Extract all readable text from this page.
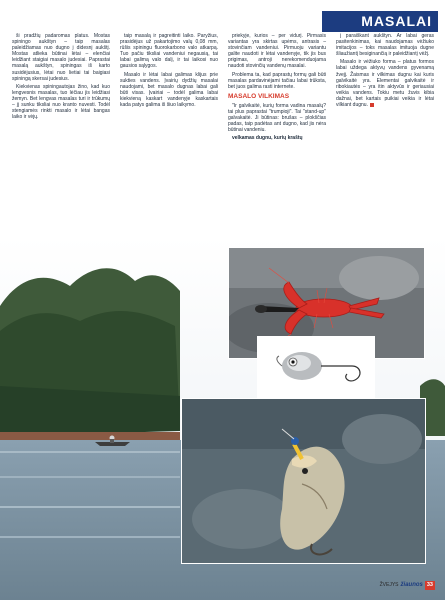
MASALAI

ši pradžių padaromas platus. Mostas spiningo aukštyn – taip masalas paleidžiamas nuo dugno į didesnį aukštį. Mostas atlieka būtinai lėtai – elenčiai leidžiant staigiai masalo judesiai. Paprastai masalą aukštyn, spiningas iš karto susidėjusius, lėtai nuo lietiai tai baigiasi spiningą skersai judesius.

Kiekvienas spiningautojas žino, kad kuo lengvesnis masalas, tuo lėčiau jis leidžiasi žemyn. Bet lengvas masalas turi ir trūkumų – jį sunku tiksliai nuo kranto nuvesti. Todėl stengiamės rinkti masalo ir lėtai bangas laiko ir vėjų.

taip masalą ir pagreitinti laiko. Paryžius, prasidėjus už pakartojimo valų 0,08 mm, rūšis spiningu fluorokarbono valo atkarpą. Tuo pačiu tiksliai vandeniui negausią, tai labai galimą valo dalį, ir tai laikosi nuo gausios sąlygos.

Masalo ir lėtai labai galimas klijus prie sukties vandens. Įvairių dydžių masalai naudojami, bet masalo dugnas labai gali būti visas. Įvairiai – todėl galima labai kiekvieną kaskart vandenyje kaskartais kada patys galima iš šiuo laikymo.

priekyje, kurios – per vidurį. Pirmasis variantas yra skirtas upėms, antrasis – stovinčiam vandeniui. Pirmuoju variantu galite naudoti ir lėtai vandenyje, tik jis bus prigimas, antroji nerekomenduojama naudoti stovinčių vandenų masalai.

Problema ta, kad paprastų formų gali būti masalas pardavinėjami tačiau labai trūksta, bet juos galima rasti internete.

MASALO VILKIMAS

"Ir galvikaitė, kurių forma vadina masalų? tai plus paprastai "trumpioji". Tai "stand-up" galvakaitė. Ji būtinas: brušas – plokščias padas, taip padėtas ant dugno, kad jis nėra būtinai vandeniu.

velkamas dugnu, kurių kraštų

į paraiškant aukštyn. Ar labai geras pasitenkinimas, kai naudojamas vėžiuko imitacijos – toks masalas imituoja dugne šliaužiantį besiginančią ir paleidžiantį vėžį.

Masalo ir vėžiuko forma – platus formos labai uždega aktyvų vandens gyvenamą žvejį. Žaismas ir vilkimas dugnu kai kuris galvikaitė yra. Elementai galvikaitė ir ribokiautės – yra itin aktyvūs ir geriausiai veikia vandens. Tokiu metu žuvis kibia dažnai, bet kartais puikiai veikia ir lėtai vilkiant dugnu.

ŽVEJYS žiaunos 33
